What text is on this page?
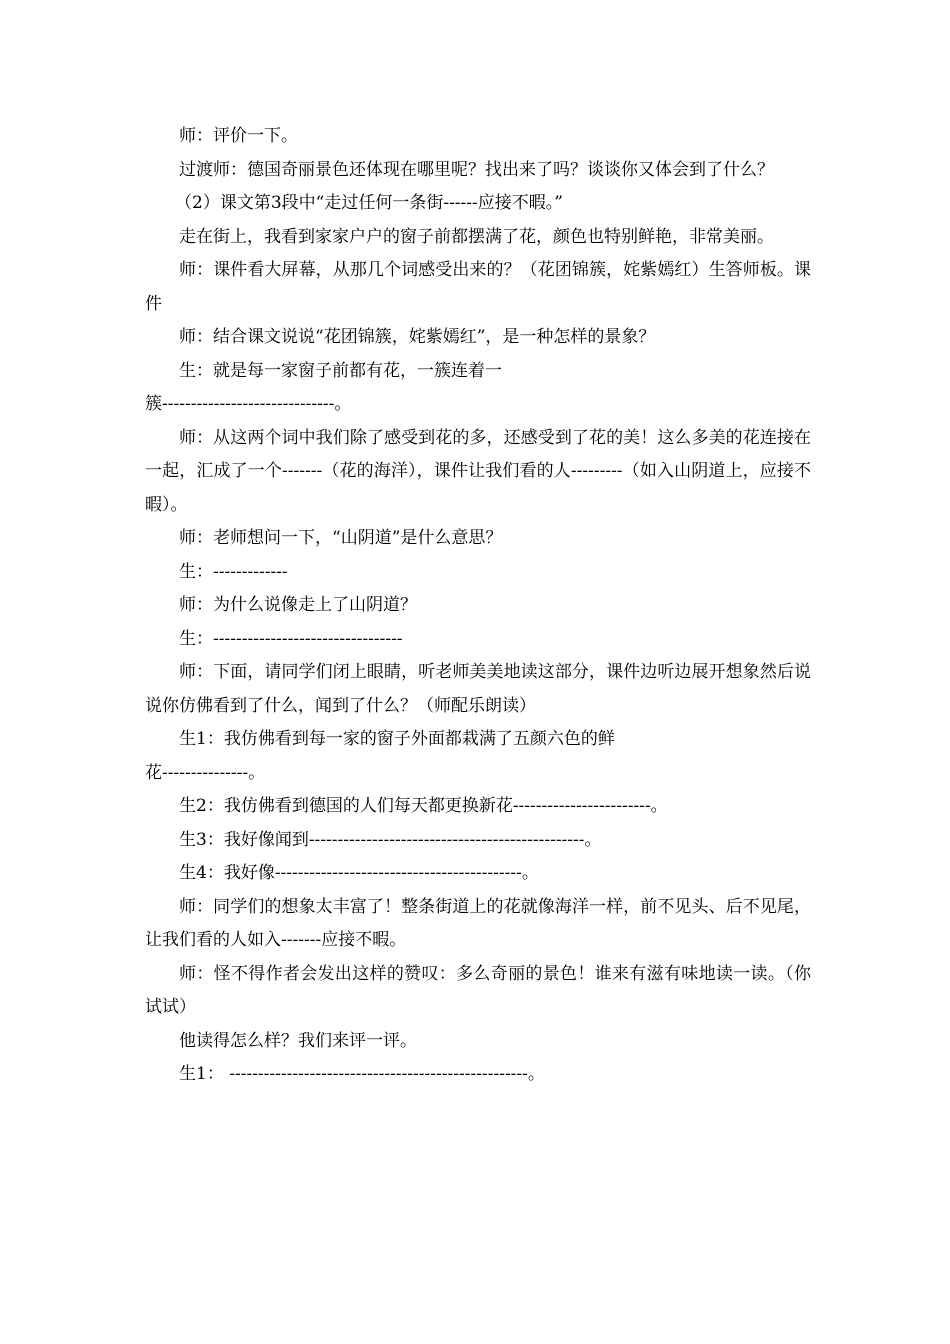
师：评价一下。

过渡师：德国奇丽景色还体现在哪里呢？找出来了吗？谈谈你又体会到了什么？

（2）课文第3段中“走过任何一条街------应接不暇。”

走在街上，我看到家家户户的窗子前都摆满了花，颜色也特别鲜艳，非常美丽。

师：课件看大屏幕，从那几个词感受出来的？（花团锦簇，姹紫嫣红）生答师板。课件

师：结合课文说说“花团锦簇，姹紫嫣红”，是一种怎样的景象？

生：就是每一家窗子前都有花，一簇连着一

簇------------------------------。

师：从这两个词中我们除了感受到花的多，还感受到了花的美！这么多美的花连接在一起，汇成了一个-------（花的海洋），课件让我们看的人---------（如入山阴道上，应接不暇）。

师：老师想问一下，“山阴道”是什么意思？

生：-------------

师：为什么说像走上了山阴道？

生：---------------------------------

师：下面，请同学们闭上眼睛，听老师美美地读这部分，课件边听边展开想象然后说说你仿佛看到了什么，闻到了什么？（师配乐朗读）

生1：我仿佛看到每一家的窗子外面都栽满了五颜六色的鲜

花---------------。

生2：我仿佛看到德国的人们每天都更换新花------------------------。

生3：我好像闻到------------------------------------------------。

生4：我好像-------------------------------------------。

师：同学们的想象太丰富了！整条街道上的花就像海洋一样，前不见头、后不见尾，让我们看的人如入-------应接不暇。

师：怪不得作者会发出这样的赞叹：多么奇丽的景色！谁来有滋有味地读一读。（你试试）

他读得怎么样？我们来评一评。

生1： ----------------------------------------------------。
